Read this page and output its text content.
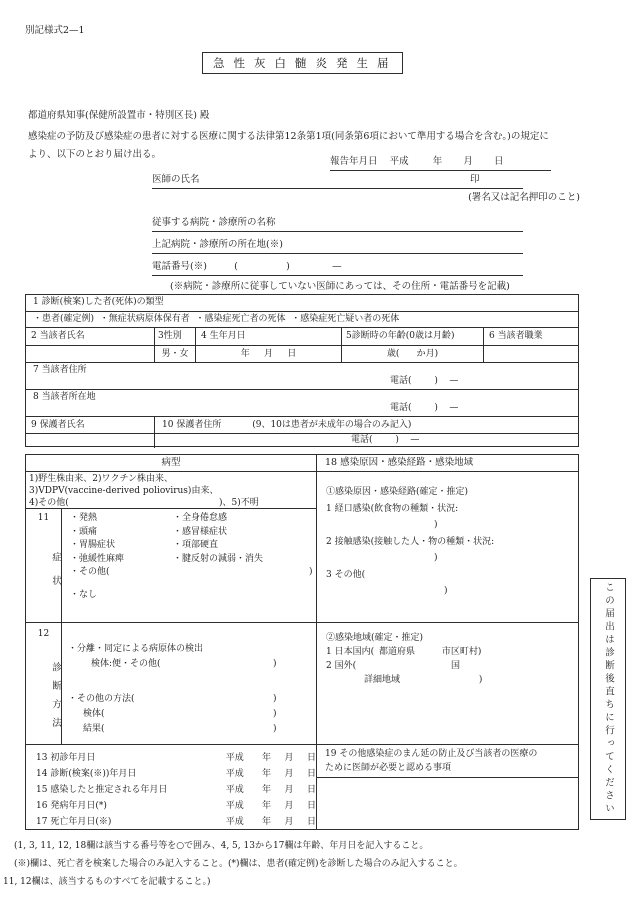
別記様式2—1
急性灰白髄炎発生届
都道府県知事(保健所設置市・特別区長) 殿
感染症の予防及び感染症の患者に対する医療に関する法律第12条第1項(同条第6項において準用する場合を含む。)の規定に
より、以下のとおり届け出る。
報告年月日    平成        年       月       日
医師の氏名	印
(署名又は記名押印のこと)
従事する病院・診療所の名称
上記病院・診療所の所在地(※)
電話番号(※)         (                )              —
(※病院・診療所に従事していない医師にあっては、その住所・電話番号を記載)
1 診断(検案)した者(死体)の類型
・患者(確定例)  ・無症状病原体保有者  ・感染症死亡者の死体  ・感染症死亡疑い者の死体
2 当該者氏名	3性別	4 生年月日	5診断時の年齢(0歳は月齢)	6 当該者職業
男・女	年     月     日	歳(      か月)
7 当該者住所
電話(        )    —
8 当該者所在地
電話(        )    —
9 保護者氏名	10 保護者住所	(9、10は患者が未成年の場合のみ記入)
電話(        )    —
病型
1)野生株由来、2)ワクチン株由来、
3)VDPV(vaccine-derived poliovirus)由来、
4)その他(	)、5)不明
11
症状
・発熱	・全身倦怠感
・頭痛	・感冒様症状
・胃腸症状	・項部硬直
・弛緩性麻痺	・腱反射の減弱・消失
・その他(	)
・なし
12
診断方法
・分離・同定による病原体の検出
検体:便・その他(	)
・その他の方法(	)
検体(	)
結果(	)
13 初診年月日	平成	年	月	日
14 診断(検案(※))年月日	平成	年	月	日
15 感染したと推定される年月日	平成	年	月	日
16 発病年月日(*)	平成	年	月	日
17 死亡年月日(※)	平成	年	月	日
18 感染原因・感染経路・感染地域
①感染原因・感染経路(確定・推定)
1 経口感染(飲食物の種類・状況:
)
2 接触感染(接触した人・物の種類・状況:
)
3 その他(
)
②感染地域(確定・推定)
1 日本国内( 都道府県	市区町村)
2 国外(	国
詳細地域	)
19 その他感染症のまん延の防止及び当該者の医療の
ために医師が必要と認める事項	この届出は診断後直ちに行ってください
(1, 3, 11, 12, 18欄は該当する番号等を○で囲み、4, 5, 13から17欄は年齢、年月日を記入すること。
(※)欄は、死亡者を検案した場合のみ記入すること。(*)欄は、患者(確定例)を診断した場合のみ記入すること。
11, 12欄は、該当するものすべてを記載すること。)
